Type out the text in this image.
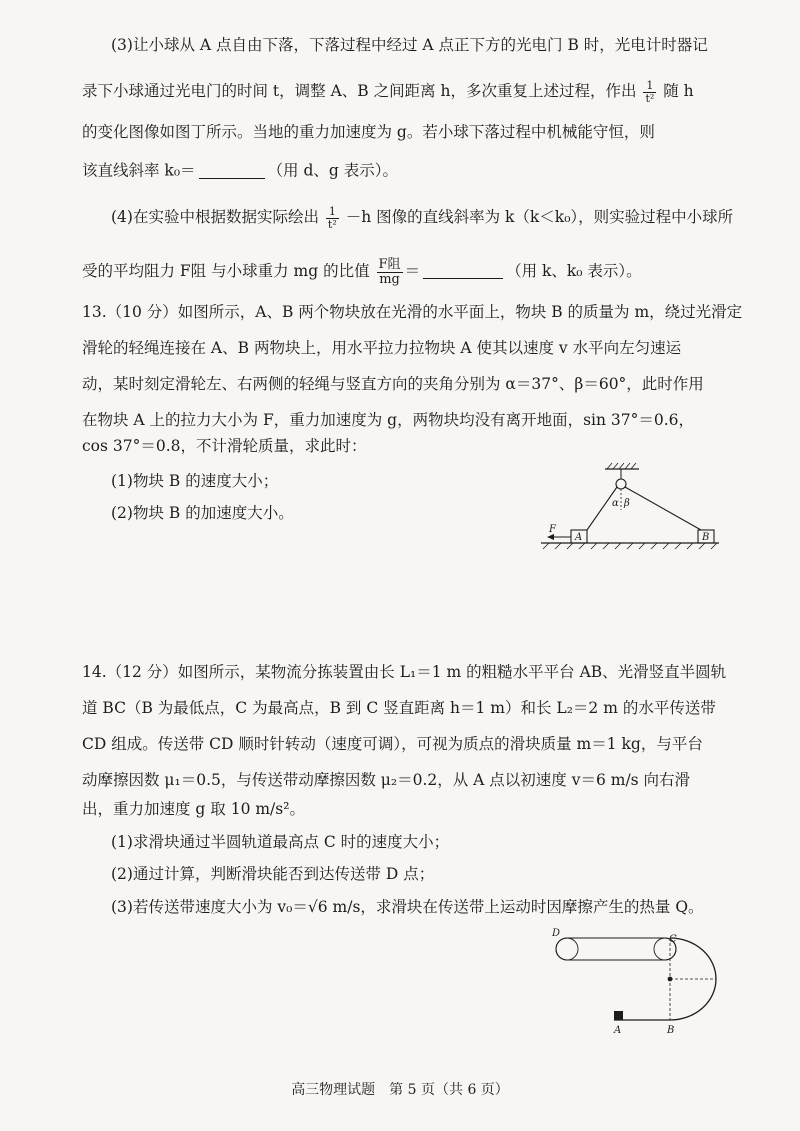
(3)让小球从 A 点自由下落，下落过程中经过 A 点正下方的光电门 B 时，光电计时器记
录下小球通过光电门的时间 t，调整 A、B 之间距离 h，多次重复上述过程，作出 $\frac{1}{\text{t²}}$ 随 h
的变化图像如图丁所示。当地的重力加速度为 g。若小球下落过程中机械能守恒，则
该直线斜率 k₀＝	（用 d、g 表示）。
(4)在实验中根据数据实际绘出 $\frac{1}{\text{t²}} -h$ 图像的直线斜率为 k（k＜k₀），则实验过程中小球所
受的平均阻力 F阻 与小球重力 mg 的比值 $\frac{\text{F阻}}{mg}$ ＝	（用 k、k₀ 表示）。
13.（10 分）如图所示，A、B 两个物块放在光滑的水平面上，物块 B 的质量为 m，绕过光滑定
滑轮的轻绳连接在 A、B 两物块上，用水平拉力拉物块 A 使其以速度 v 水平向左匀速运
动，某时刻定滑轮左、右两侧的轻绳与竖直方向的夹角分别为 α＝37°、β＝60°，此时作用
在物块 A 上的拉力大小为 F，重力加速度为 g，两物块均没有离开地面，sin 37°＝0.6，
cos 37°＝0.8，不计滑轮质量，求此时：
(1)物块 B 的速度大小；
(2)物块 B 的加速度大小。
α β
A	B
F
14.（12 分）如图所示，某物流分拣装置由长 L₁＝1 m 的粗糙水平平台 AB、光滑竖直半圆轨
道 BC（B 为最低点，C 为最高点，B 到 C 竖直距离 h＝1 m）和长 L₂＝2 m 的水平传送带
CD 组成。传送带 CD 顺时针转动（速度可调），可视为质点的滑块质量 m＝1 kg，与平台
动摩擦因数 μ₁＝0.5，与传送带动摩擦因数 μ₂＝0.2，从 A 点以初速度 v＝6 m/s 向右滑
出，重力加速度 g 取 10 m/s²。
(1)求滑块通过半圆轨道最高点 C 时的速度大小；
(2)通过计算，判断滑块能否到达传送带 D 点；
(3)若传送带速度大小为 v₀＝√6 m/s，求滑块在传送带上运动时因摩擦产生的热量 Q。
D
C
A	B
高三物理试题　第 5 页（共 6 页）
